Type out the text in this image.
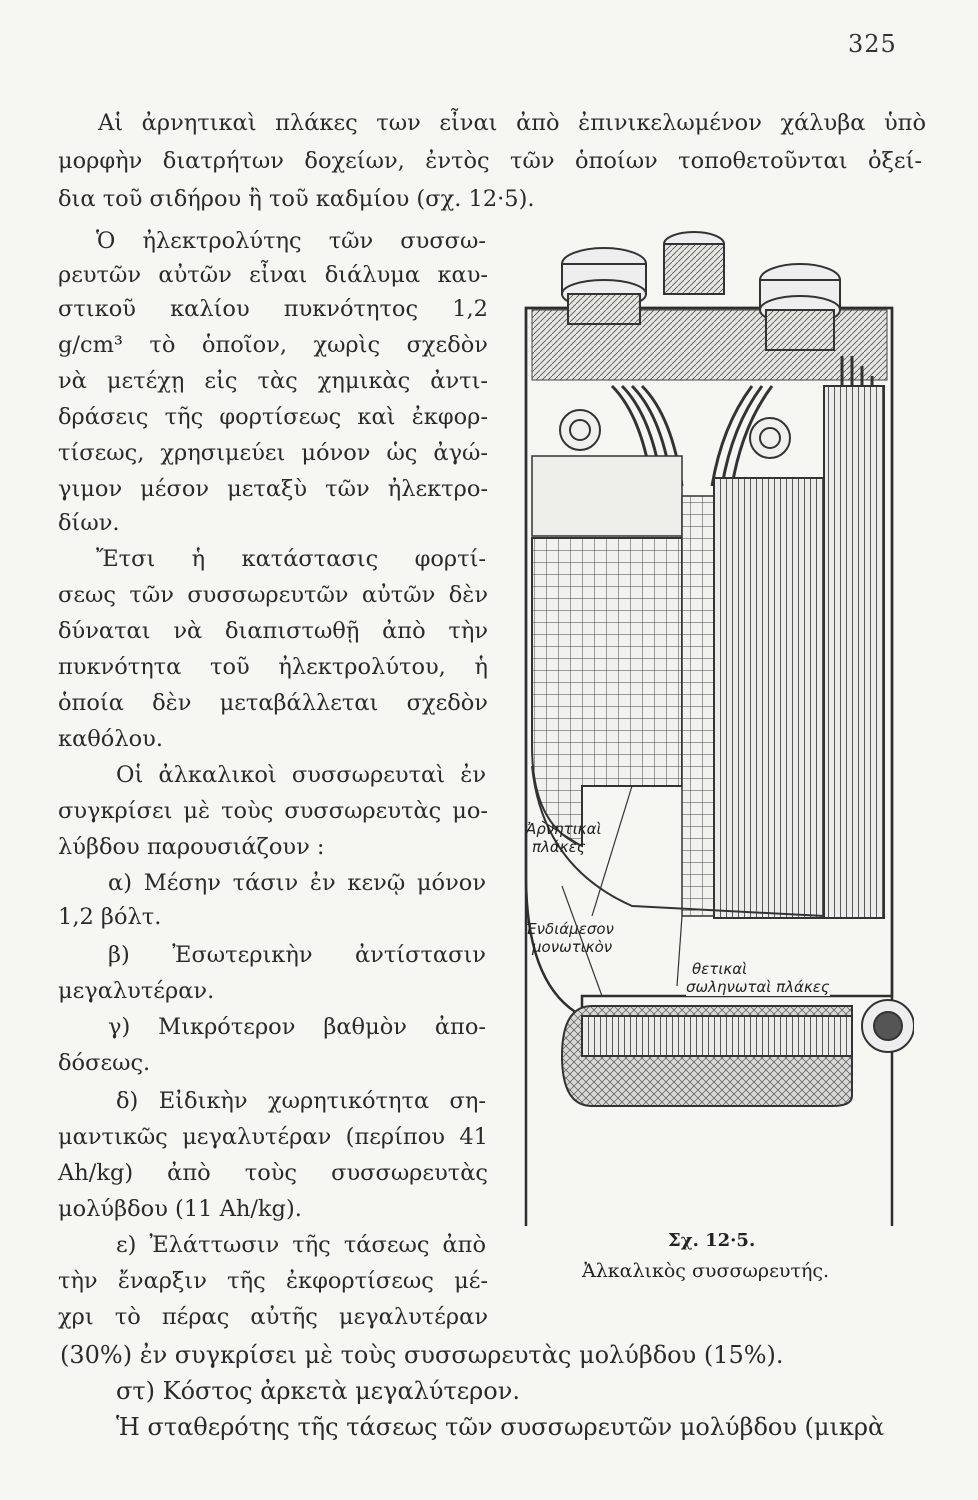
325
Αἱ ἀρνητικαὶ πλάκες των εἶναι ἀπὸ ἐπινικελωμένον χάλυβα ὑπὸ
μορφὴν διατρήτων δοχείων, ἐντὸς τῶν ὁποίων τοποθετοῦνται ὀξεί-
δια τοῦ σιδήρου ἢ τοῦ καδμίου (σχ. 12·5).
Ὁ ἠλεκτρολύτης τῶν συσσω-
ρευτῶν αὐτῶν εἶναι διάλυμα καυ-
στικοῦ καλίου πυκνότητος 1,2
g/cm³ τὸ ὁποῖον, χωρὶς σχεδὸν
νὰ μετέχῃ εἰς τὰς χημικὰς ἀντι-
δράσεις τῆς φορτίσεως καὶ ἐκφορ-
τίσεως, χρησιμεύει μόνον ὡς ἀγώ-
γιμον μέσον μεταξὺ τῶν ἠλεκτρο-
δίων.
Ἔτσι ἡ κατάστασις φορτί-
σεως τῶν συσσωρευτῶν αὐτῶν δὲν
δύναται νὰ διαπιστωθῇ ἀπὸ τὴν
πυκνότητα τοῦ ἠλεκτρολύτου, ἡ
ὁποία δὲν μεταβάλλεται σχεδὸν
καθόλου.
Οἱ ἀλκαλικοὶ συσσωρευταὶ ἐν
συγκρίσει μὲ τοὺς συσσωρευτὰς μο-
λύβδου παρουσιάζουν :
α) Μέσην τάσιν ἐν κενῷ μόνον
1,2 βόλτ.
β) Ἐσωτερικὴν ἀντίστασιν
μεγαλυτέραν.
γ) Μικρότερον βαθμὸν ἀπο-
δόσεως.
δ) Εἰδικὴν χωρητικότητα ση-
μαντικῶς μεγαλυτέραν (περίπου 41
Ah/kg) ἀπὸ τοὺς συσσωρευτὰς
μολύβδου (11 Ah/kg).
ε) Ἐλάττωσιν τῆς τάσεως ἀπὸ
τὴν ἔναρξιν τῆς ἐκφορτίσεως μέ-
χρι τὸ πέρας αὐτῆς μεγαλυτέραν
(30%) ἐν συγκρίσει μὲ τοὺς συσσωρευτὰς μολύβδου (15%).
στ) Κόστος ἀρκετὰ μεγαλύτερον.
Ἡ σταθερότης τῆς τάσεως τῶν συσσωρευτῶν μολύβδου (μικρὰ
Ἀρνητικαὶ
πλάκες
Ἐνδιάμεσον
μονωτικὸν
θετικαὶ
σωληνωταὶ πλάκες
Σχ. 12·5.
Ἀλκαλικὸς συσσωρευτής.
